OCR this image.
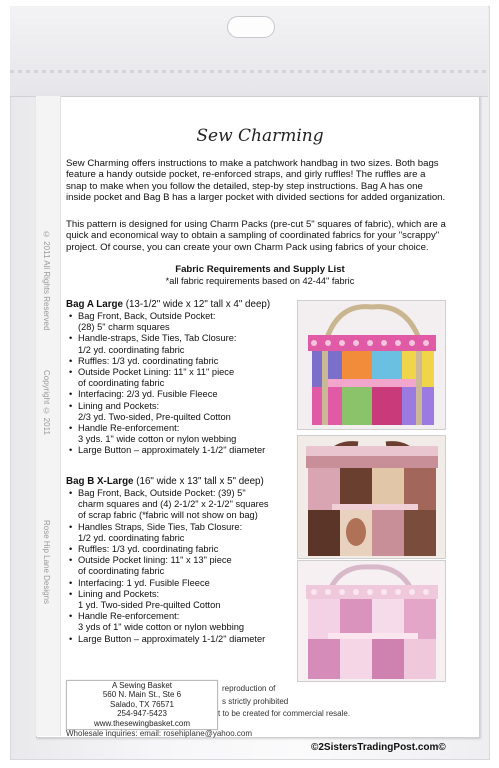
© 2011 All Rights Reserved
Copyright © 2011
Rose Hip Lane Designs
Sew Charming

Sew Charming offers instructions to make a patchwork handbag in two sizes. Both bags

feature a handy outside pocket, re-enforced straps, and girly ruffles! The ruffles are a

snap to make when you follow the detailed, step-by step instructions. Bag A has one

inside pocket and Bag B has a larger pocket with divided sections for added organization.

This pattern is designed for using Charm Packs (pre-cut 5" squares of fabric), which are a

quick and economical way to obtain a sampling of coordinated fabrics for your "scrappy"

project. Of course, you can create your own Charm Pack using fabrics of your choice.

Fabric Requirements and Supply List

*all fabric requirements based on 42-44" fabric

Bag A Large (13-1/2" wide x 12" tall x 4" deep)

• Bag Front, Back, Outside Pocket:
(28) 5" charm squares
• Handle-straps, Side Ties, Tab Closure:
1/2 yd. coordinating fabric
• Ruffles: 1/3 yd. coordinating fabric
• Outside Pocket Lining: 11" x 11" piece
of coordinating fabric
• Interfacing: 2/3 yd. Fusible Fleece
• Lining and Pockets:
2/3 yd. Two-sided, Pre-quilted Cotton
• Handle Re-enforcement:
3 yds. 1" wide cotton or nylon webbing
• Large Button – approximately 1-1/2" diameter

Bag B X-Large (16" wide x 13" tall x 5" deep)

• Bag Front, Back, Outside Pocket: (39) 5"
charm squares and (4) 2-1/2" x 2-1/2" squares
of scrap fabric (*fabric will not show on bag)
• Handles Straps, Side Ties, Tab Closure:
1/2 yd. coordinating fabric
• Ruffles: 1/3 yd. coordinating fabric
• Outside Pocket lining: 11" x 13" piece
of coordinating fabric
• Interfacing: 1 yd. Fusible Fleece
• Lining and Pockets:
1 yd. Two-sided Pre-quilted Cotton
• Handle Re-enforcement:
3 yds of 1" wide cotton or nylon webbing
• Large Button – approximately 1-1/2" diameter
reproduction of
s strictly prohibited
t to be created for commercial resale.
A Sewing Basket
560 N. Main St., Ste 6
Salado, TX 76571
254-947-5423
www.thesewingbasket.com
Wholesale inquiries: email: rosehiplane@yahoo.com
©2SistersTradingPost.com©
